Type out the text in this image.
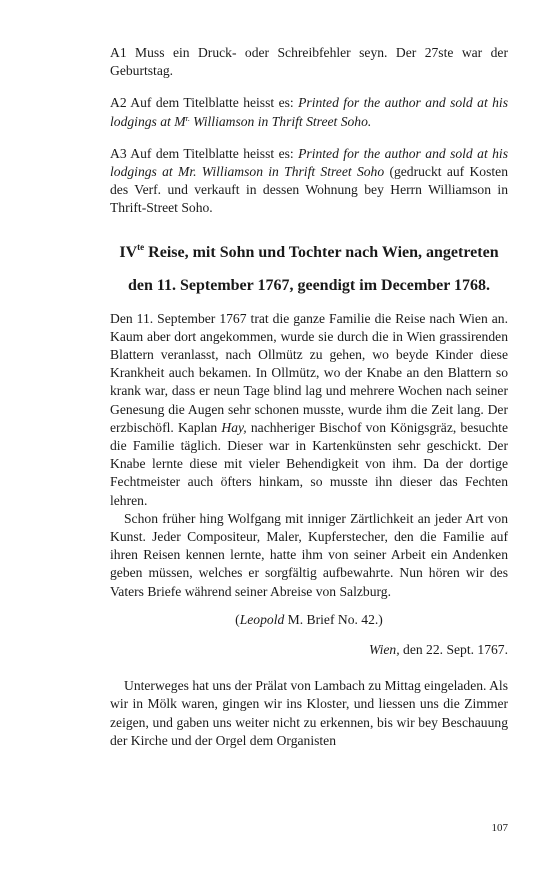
A1 Muss ein Druck- oder Schreibfehler seyn. Der 27ste war der Geburtstag.

A2 Auf dem Titelblatte heisst es: Printed for the author and sold at his lodgings at $M^{r.}$ Williamson in Thrift Street Soho.

A3 Auf dem Titelblatte heisst es: Printed for the author and sold at his lodgings at Mr. Williamson in Thrift Street Soho (gedruckt auf Kosten des Verf. und verkauft in dessen Wohnung bey Herrn Williamson in Thrift-Street Soho.

$IV^{te}$ Reise, mit Sohn und Tochter nach Wien, angetreten den 11. September 1767, geendigt im December 1768.

Den 11. September 1767 trat die ganze Familie die Reise nach Wien an. Kaum aber dort angekommen, wurde sie durch die in Wien grassirenden Blattern veranlasst, nach Ollmütz zu gehen, wo beyde Kinder diese Krankheit auch bekamen. In Ollmütz, wo der Knabe an den Blattern so krank war, dass er neun Tage blind lag und mehrere Wochen nach seiner Genesung die Augen sehr schonen musste, wurde ihm die Zeit lang. Der erzbischöfl. Kaplan Hay, nachheriger Bischof von Königsgräz, besuchte die Familie täglich. Dieser war in Kartenkünsten sehr geschickt. Der Knabe lernte diese mit vieler Behendigkeit von ihm. Da der dortige Fechtmeister auch öfters hinkam, so musste ihn dieser das Fechten lehren.

Schon früher hing Wolfgang mit inniger Zärtlichkeit an jeder Art von Kunst. Jeder Compositeur, Maler, Kupferstecher, den die Familie auf ihren Reisen kennen lernte, hatte ihm von seiner Arbeit ein Andenken geben müssen, welches er sorgfältig aufbewahrte. Nun hören wir des Vaters Briefe während seiner Abreise von Salzburg.

(Leopold M. Brief No. 42.)

Wien, den 22. Sept. 1767.

Unterweges hat uns der Prälat von Lambach zu Mittag eingeladen. Als wir in Mölk waren, gingen wir ins Kloster, und liessen uns die Zimmer zeigen, und gaben uns weiter nicht zu erkennen, bis wir bey Beschauung der Kirche und der Orgel dem Organisten

107
